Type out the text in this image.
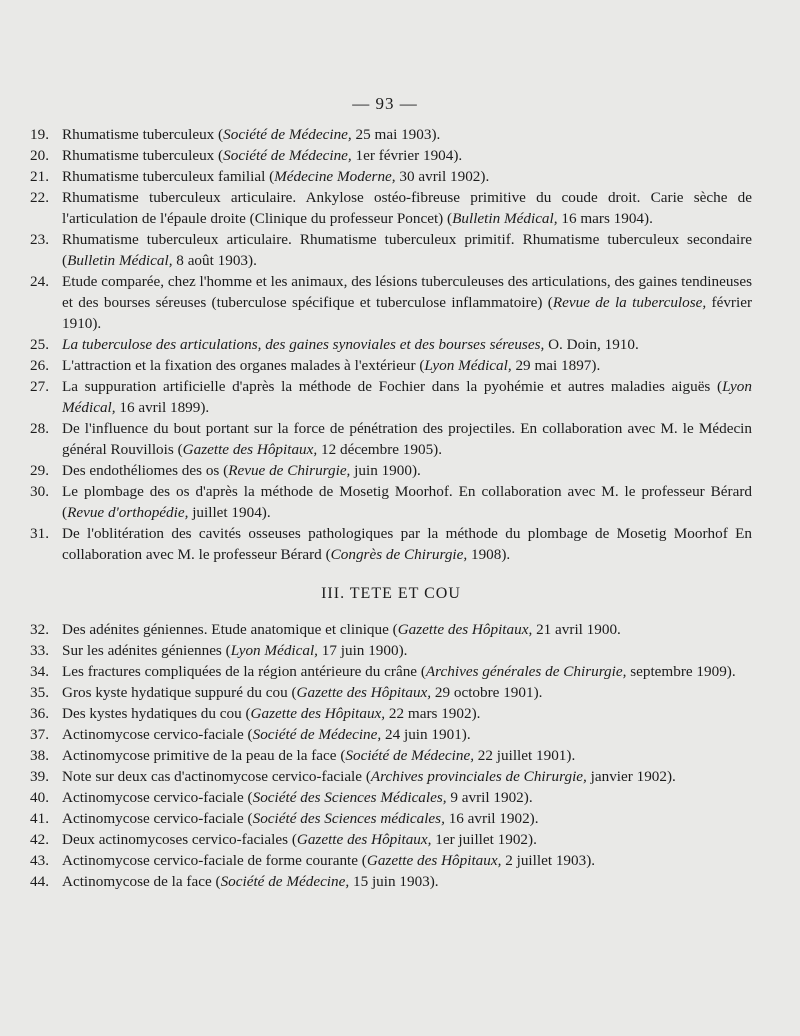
— 93 —
19. Rhumatisme tuberculeux (Société de Médecine, 25 mai 1903).
20. Rhumatisme tuberculeux (Société de Médecine, 1er février 1904).
21. Rhumatisme tuberculeux familial (Médecine Moderne, 30 avril 1902).
22. Rhumatisme tuberculeux articulaire. Ankylose ostéo-fibreuse primitive du coude droit. Carie sèche de l'articulation de l'épaule droite (Clinique du professeur Poncet) (Bulletin Médical, 16 mars 1904).
23. Rhumatisme tuberculeux articulaire. Rhumatisme tuberculeux primitif. Rhumatisme tuberculeux secondaire (Bulletin Médical, 8 août 1903).
24. Etude comparée, chez l'homme et les animaux, des lésions tuberculeuses des articulations, des gaines tendineuses et des bourses séreuses (tuberculose spécifique et tuberculose inflammatoire) (Revue de la tuberculose, février 1910).
25. La tuberculose des articulations, des gaines synoviales et des bourses séreuses, O. Doin, 1910.
26. L'attraction et la fixation des organes malades à l'extérieur (Lyon Médical, 29 mai 1897).
27. La suppuration artificielle d'après la méthode de Fochier dans la pyohémie et autres maladies aiguës (Lyon Médical, 16 avril 1899).
28. De l'influence du bout portant sur la force de pénétration des projectiles. En collaboration avec M. le Médecin général Rouvillois (Gazette des Hôpitaux, 12 décembre 1905).
29. Des endothéliomes des os (Revue de Chirurgie, juin 1900).
30. Le plombage des os d'après la méthode de Mosetig Moorhof. En collaboration avec M. le professeur Bérard (Revue d'orthopédie, juillet 1904).
31. De l'oblitération des cavités osseuses pathologiques par la méthode du plombage de Mosetig Moorhof En collaboration avec M. le professeur Bérard (Congrès de Chirurgie, 1908).
III. TETE ET COU
32. Des adénites géniennes. Etude anatomique et clinique (Gazette des Hôpitaux, 21 avril 1900.
33. Sur les adénites géniennes (Lyon Médical, 17 juin 1900).
34. Les fractures compliquées de la région antérieure du crâne (Archives générales de Chirurgie, septembre 1909).
35. Gros kyste hydatique suppuré du cou (Gazette des Hôpitaux, 29 octobre 1901).
36. Des kystes hydatiques du cou (Gazette des Hôpitaux, 22 mars 1902).
37. Actinomycose cervico-faciale (Société de Médecine, 24 juin 1901).
38. Actinomycose primitive de la peau de la face (Société de Médecine, 22 juillet 1901).
39. Note sur deux cas d'actinomycose cervico-faciale (Archives provinciales de Chirurgie, janvier 1902).
40. Actinomycose cervico-faciale (Société des Sciences Médicales, 9 avril 1902).
41. Actinomycose cervico-faciale (Société des Sciences médicales, 16 avril 1902).
42. Deux actinomycoses cervico-faciales (Gazette des Hôpitaux, 1er juillet 1902).
43. Actinomycose cervico-faciale de forme courante (Gazette des Hôpitaux, 2 juillet 1903).
44. Actinomycose de la face (Société de Médecine, 15 juin 1903).
